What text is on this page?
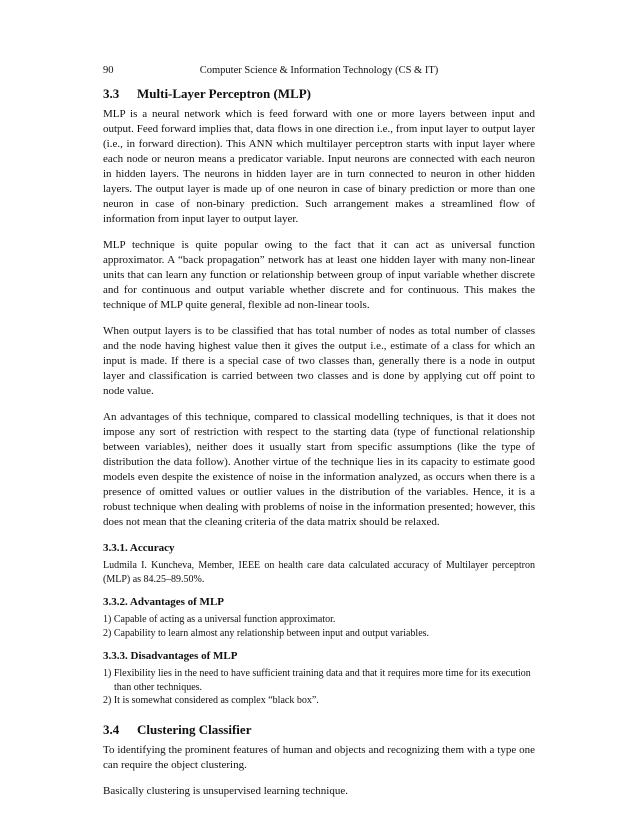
90	Computer Science & Information Technology (CS & IT)
3.3 Multi-Layer Perceptron (MLP)

MLP is a neural network which is feed forward with one or more layers between input and output. Feed forward implies that, data flows in one direction i.e., from input layer to output layer (i.e., in forward direction). This ANN which multilayer perceptron starts with input layer where each node or neuron means a predicator variable. Input neurons are connected with each neuron in hidden layers. The neurons in hidden layer are in turn connected to neuron in other hidden layers. The output layer is made up of one neuron in case of binary prediction or more than one neuron in case of non-binary prediction. Such arrangement makes a streamlined flow of information from input layer to output layer.

MLP technique is quite popular owing to the fact that it can act as universal function approximator. A “back propagation” network has at least one hidden layer with many non-linear units that can learn any function or relationship between group of input variable whether discrete and for continuous and output variable whether discrete and for continuous. This makes the technique of MLP quite general, flexible ad non-linear tools.

When output layers is to be classified that has total number of nodes as total number of classes and the node having highest value then it gives the output i.e., estimate of a class for which an input is made. If there is a special case of two classes than, generally there is a node in output layer and classification is carried between two classes and is done by applying cut off point to node value.

An advantages of this technique, compared to classical modelling techniques, is that it does not impose any sort of restriction with respect to the starting data (type of functional relationship between variables), neither does it usually start from specific assumptions (like the type of distribution the data follow). Another virtue of the technique lies in its capacity to estimate good models even despite the existence of noise in the information analyzed, as occurs when there is a presence of omitted values or outlier values in the distribution of the variables. Hence, it is a robust technique when dealing with problems of noise in the information presented; however, this does not mean that the cleaning criteria of the data matrix should be relaxed.

3.3.1. Accuracy

Ludmila I. Kuncheva, Member, IEEE on health care data calculated accuracy of Multilayer perceptron (MLP) as 84.25–89.50%.

3.3.2. Advantages of MLP
1) Capable of acting as a universal function approximator.
2) Capability to learn almost any relationship between input and output variables.
3.3.3. Disadvantages of MLP
1) Flexibility lies in the need to have sufficient training data and that it requires more time for its execution than other techniques.
2) It is somewhat considered as complex “black box”.
3.4 Clustering Classifier

To identifying the prominent features of human and objects and recognizing them with a type one can require the object clustering.

Basically clustering is unsupervised learning technique.
